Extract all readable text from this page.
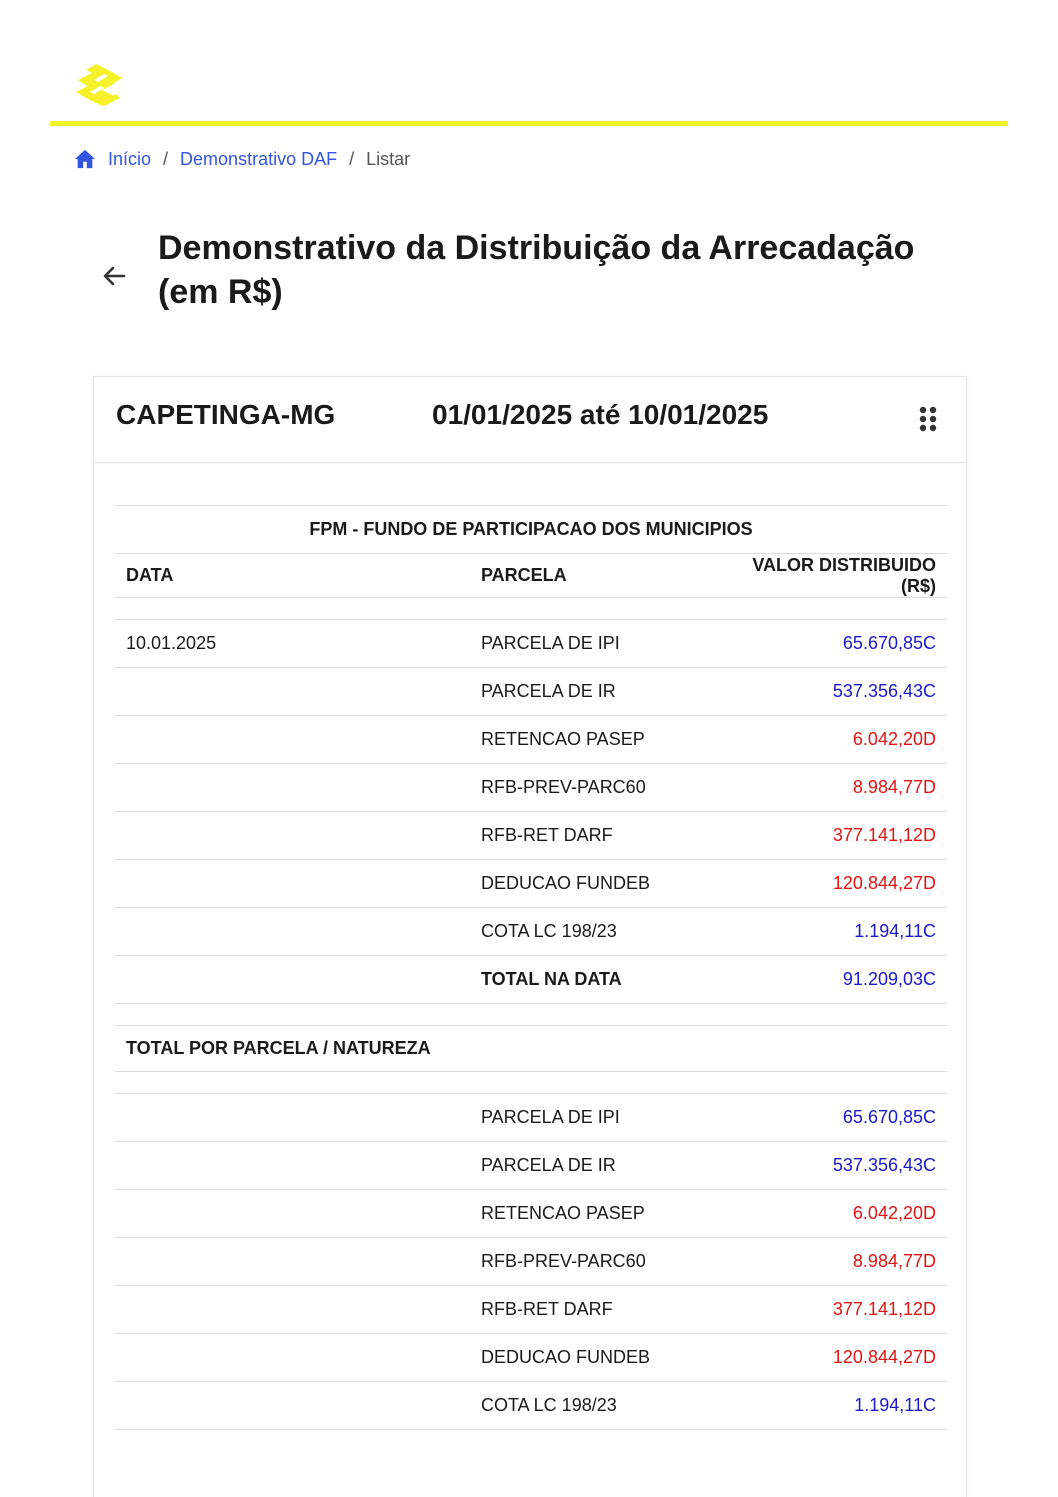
Início / Demonstrativo DAF / Listar
Demonstrativo da Distribuição da Arrecadação
(em R$)
CAPETINGA-MG	01/01/2025 até 10/01/2025
FPM - FUNDO DE PARTICIPACAO DOS MUNICIPIOS		
DATA	PARCELA	VALOR DISTRIBUIDO (R$)

10.01.2025	PARCELA DE IPI	65.670,85C
	PARCELA DE IR	537.356,43C
	RETENCAO PASEP	6.042,20D
	RFB-PREV-PARC60	8.984,77D
	RFB-RET DARF	377.141,12D
	DEDUCAO FUNDEB	120.844,27D
	COTA LC 198/23	1.194,11C
	TOTAL NA DATA	91.209,03C

TOTAL POR PARCELA / NATUREZA		

	PARCELA DE IPI	65.670,85C
	PARCELA DE IR	537.356,43C
	RETENCAO PASEP	6.042,20D
	RFB-PREV-PARC60	8.984,77D
	RFB-RET DARF	377.141,12D
	DEDUCAO FUNDEB	120.844,27D
	COTA LC 198/23	1.194,11C
